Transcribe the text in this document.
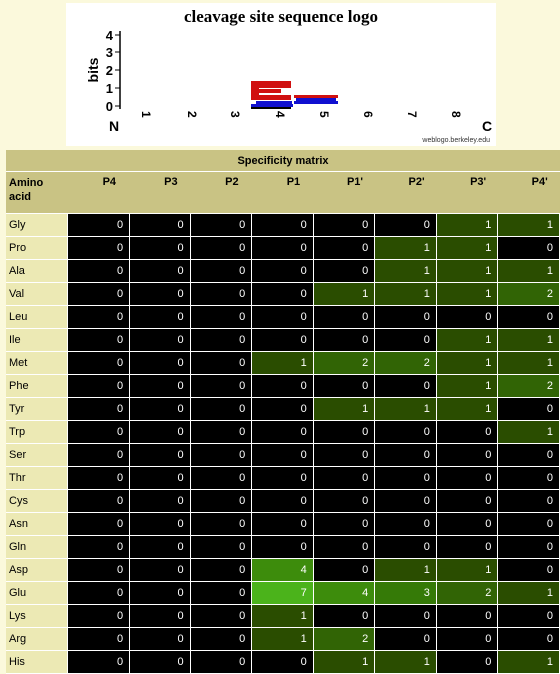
cleavage site sequence logo
4
3
2
1
0
bits
N
1	2 3	4	5	6	7	8
C
weblogo.berkeley.edu
Specificity matrix								
Amino
acid	P4	P3	P2	P1	P1'	P2'	P3'	P4'
Gly	0	0	0	0	0	0	1	1
Pro	0	0	0	0	0	1	1	0
Ala	0	0	0	0	0	1	1	1
Val	0	0	0	0	1	1	1	2
Leu	0	0	0	0	0	0	0	0
Ile	0	0	0	0	0	0	1	1
Met	0	0	0	1	2	2	1	1
Phe	0	0	0	0	0	0	1	2
Tyr	0	0	0	0	1	1	1	0
Trp	0	0	0	0	0	0	0	1
Ser	0	0	0	0	0	0	0	0
Thr	0	0	0	0	0	0	0	0
Cys	0	0	0	0	0	0	0	0
Asn	0	0	0	0	0	0	0	0
Gln	0	0	0	0	0	0	0	0
Asp	0	0	0	4	0	1	1	0
Glu	0	0	0	7	4	3	2	1
Lys	0	0	0	1	0	0	0	0
Arg	0	0	0	1	2	0	0	0
His	0	0	0	0	1	1	0	1
